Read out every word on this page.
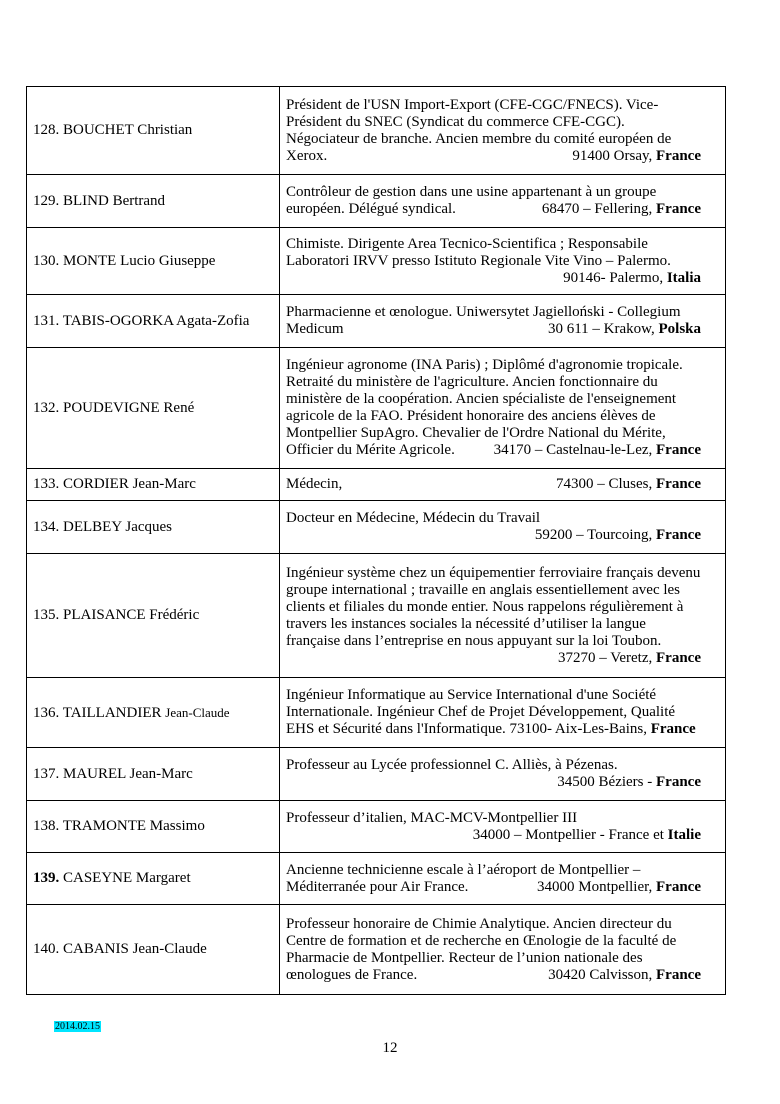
128. BOUCHET Christian	Président de l'USN Import-Export (CFE-CGC/FNECS). Vice-Président du SNEC (Syndicat du commerce CFE-CGC). Négociateur de branche. Ancien membre du comité européen de Xerox. 91400 Orsay, France

129. BLIND Bertrand	Contrôleur de gestion dans une usine appartenant à un groupe européen. Délégué syndical. 68470 – Fellering, France

130. MONTE Lucio Giuseppe	Chimiste. Dirigente Area Tecnico-Scientifica ; Responsabile Laboratori IRVV presso Istituto Regionale Vite Vino – Palermo.
90146- Palermo, Italia

131. TABIS-OGORKA Agata-Zofia	Pharmacienne et œnologue. Uniwersytet Jagielloński - Collegium Medicum 30 611 – Krakow, Polska

132. POUDEVIGNE René	Ingénieur agronome (INA Paris) ; Diplômé d'agronomie tropicale. Retraité du ministère de l'agriculture. Ancien fonctionnaire du ministère de la coopération. Ancien spécialiste de l'enseignement agricole de la FAO. Président honoraire des anciens élèves de Montpellier SupAgro. Chevalier de l'Ordre National du Mérite, Officier du Mérite Agricole. 34170 – Castelnau-le-Lez, France

133. CORDIER Jean-Marc	Médecin, 74300 – Cluses, France

134. DELBEY Jacques	Docteur en Médecine, Médecin du Travail
59200 – Tourcoing, France

135. PLAISANCE Frédéric	Ingénieur système chez un équipementier ferroviaire français devenu groupe international ; travaille en anglais essentiellement avec les clients et filiales du monde entier. Nous rappelons régulièrement à travers les instances sociales la nécessité d’utiliser la langue française dans l’entreprise en nous appuyant sur la loi Toubon.
37270 – Veretz, France

136. TAILLANDIER Jean-Claude	Ingénieur Informatique au Service International d'une Société Internationale. Ingénieur Chef de Projet Développement, Qualité EHS et Sécurité dans l'Informatique. 73100- Aix-Les-Bains, France
137. MAUREL Jean-Marc	Professeur au Lycée professionnel C. Alliès, à Pézenas.
34500 Béziers - France

138. TRAMONTE Massimo	Professeur d’italien, MAC-MCV-Montpellier III
34000 – Montpellier - France et Italie

139. CASEYNE Margaret	Ancienne technicienne escale à l’aéroport de Montpellier – Méditerranée pour Air France. 34000 Montpellier, France

140. CABANIS Jean-Claude	Professeur honoraire de Chimie Analytique. Ancien directeur du Centre de formation et de recherche en Œnologie de la faculté de Pharmacie de Montpellier. Recteur de l’union nationale des œnologues de France. 30420 Calvisson, France
2014.02.15
12
